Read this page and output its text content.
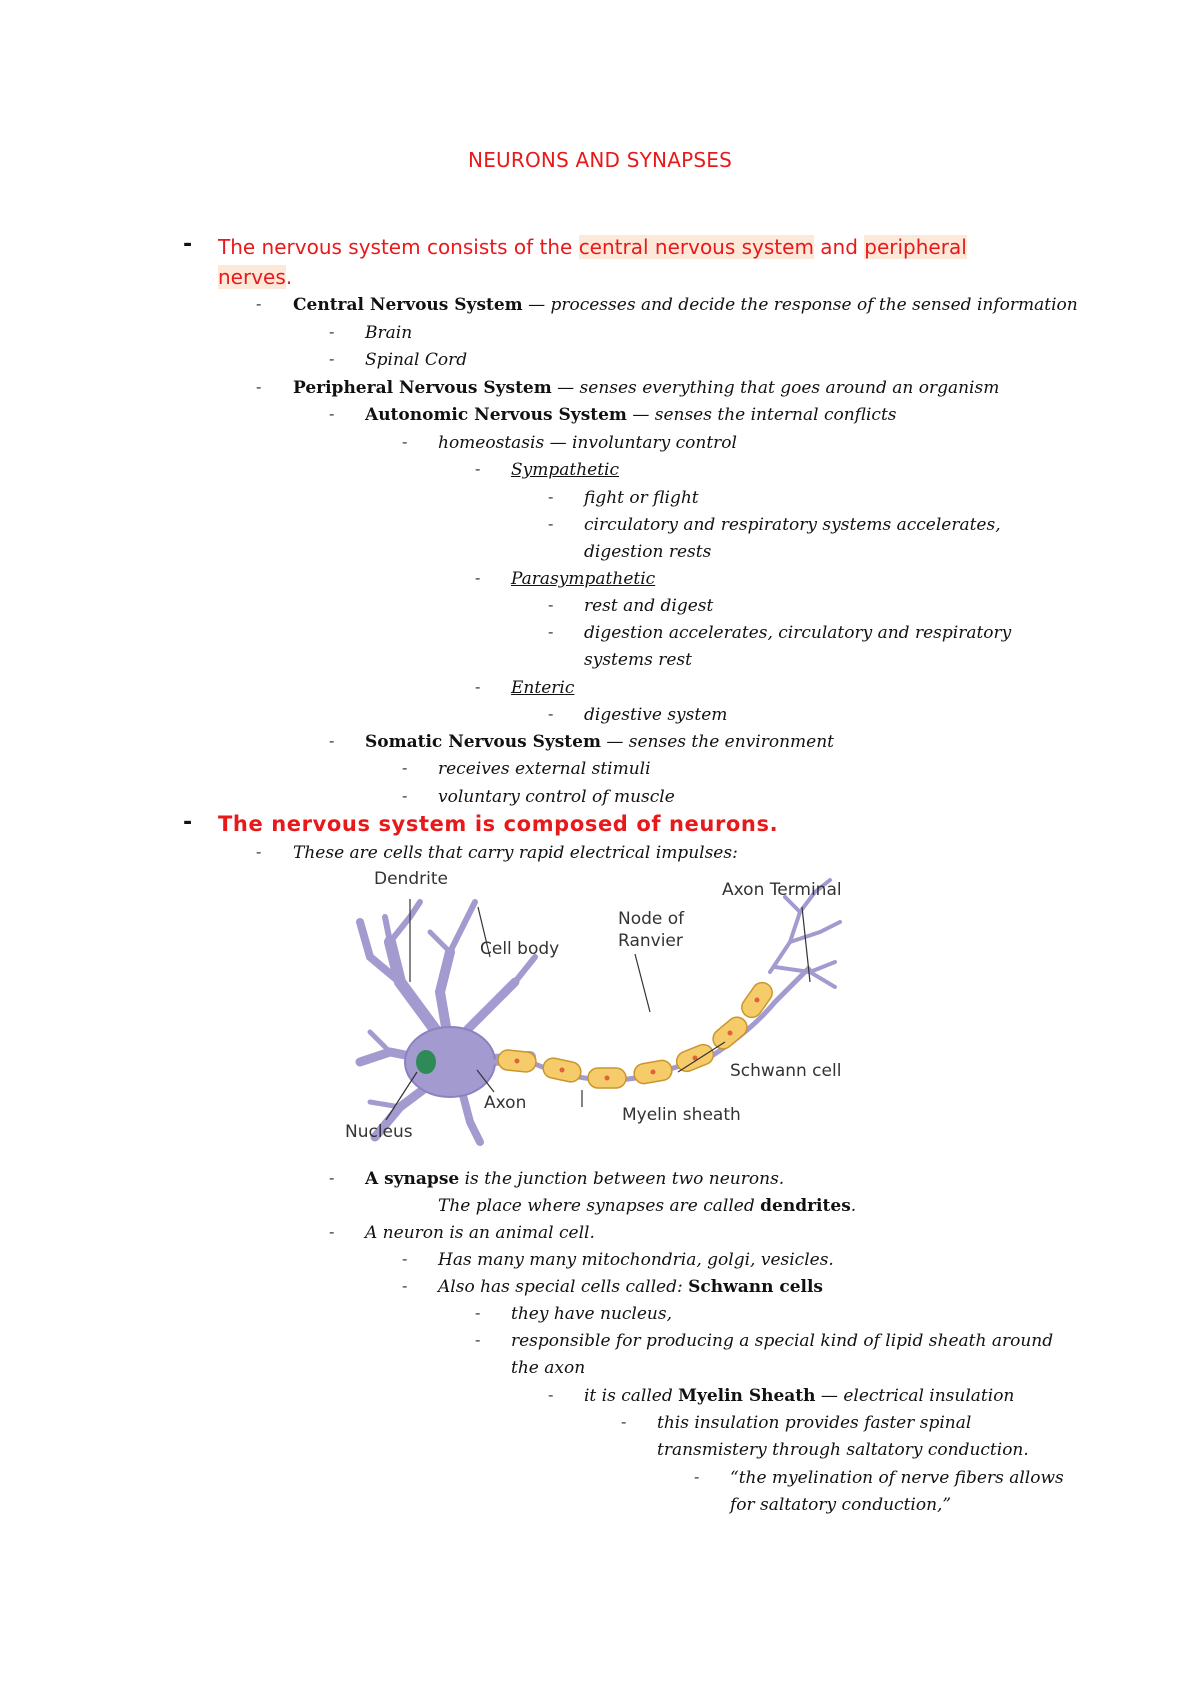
NEURONS AND SYNAPSES
- The nervous system consists of the central nervous system and peripheral
nerves.
- Central Nervous System — processes and decide the response of the sensed information
- Brain
- Spinal Cord
- Peripheral Nervous System — senses everything that goes around an organism
- Autonomic Nervous System — senses the internal conflicts
- homeostasis — involuntary control
- Sympathetic
- fight or flight
- circulatory and respiratory systems accelerates,
digestion rests
- Parasympathetic
- rest and digest
- digestion accelerates, circulatory and respiratory
systems rest
- Enteric
- digestive system
- Somatic Nervous System — senses the environment
- receives external stimuli
- voluntary control of muscle
- The nervous system is composed of neurons.
- These are cells that carry rapid electrical impulses:
Dendrite
Cell body
Node of
Ranvier
Axon Terminal
Axon
Schwann cell
Myelin sheath
Nucleus
- A synapse is the junction between two neurons.
The place where synapses are called dendrites.
- A neuron is an animal cell.
- Has many many mitochondria, golgi, vesicles.
- Also has special cells called: Schwann cells
- they have nucleus,
- responsible for producing a special kind of lipid sheath around
the axon
- it is called Myelin Sheath — electrical insulation
- this insulation provides faster spinal
transmistery through saltatory conduction.
- “the myelination of nerve fibers allows
for saltatory conduction,”
